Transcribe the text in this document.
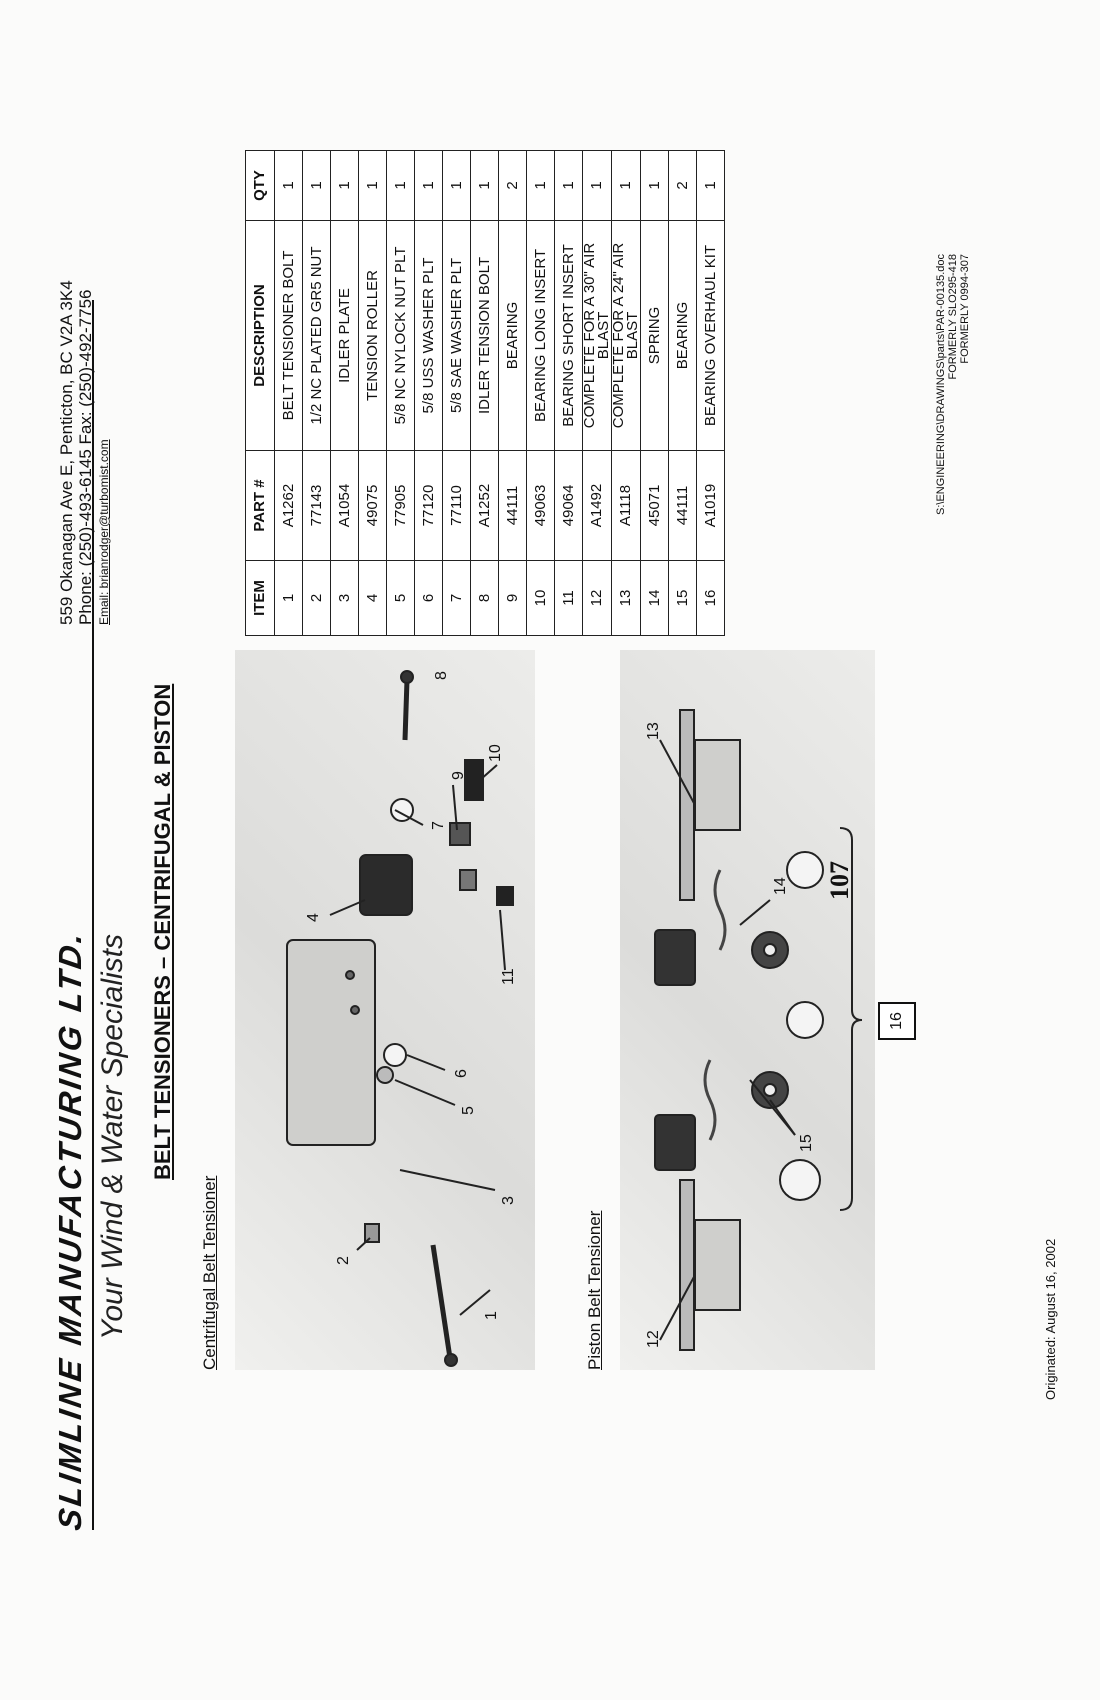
SLIMLINE MANUFACTURING LTD. Your Wind & Water Specialists
559 Okanagan Ave E, Penticton, BC V2A 3K4 Phone: (250)-493-6145 Fax: (250)-492-7756 Email: brianrodger@turbomist.com
BELT TENSIONERS – CENTRIFUGAL & PISTON
Centrifugal Belt Tensioner	1
2
3
4
5
6
7
8
9
10
11
Piston Belt Tensioner	12
13
14
15
16
107
ITEM	PART #	DESCRIPTION	QTY
1	A1262	BELT TENSIONER BOLT	1
2	77143	1/2 NC PLATED GR5 NUT	1
3	A1054	IDLER PLATE	1
4	49075	TENSION ROLLER	1
5	77905	5/8 NC NYLOCK NUT PLT	1
6	77120	5/8 USS WASHER PLT	1
7	77110	5/8 SAE WASHER PLT	1
8	A1252	IDLER TENSION BOLT	1
9	44111	BEARING	2
10	49063	BEARING LONG INSERT	1
11	49064	BEARING SHORT INSERT	1
12	A1492	COMPLETE FOR A 30" AIR BLAST	1
13	A1118	COMPLETE FOR A 24" AIR BLAST	1
14	45071	SPRING	1
15	44111	BEARING	2
16	A1019	BEARING OVERHAUL KIT	1
Originated: August 16, 2002
S:\ENGINEERING\DRAWINGS\parts\PAR-00135.doc FORMERLY SLO295-418 FORMERLY 0994-307
